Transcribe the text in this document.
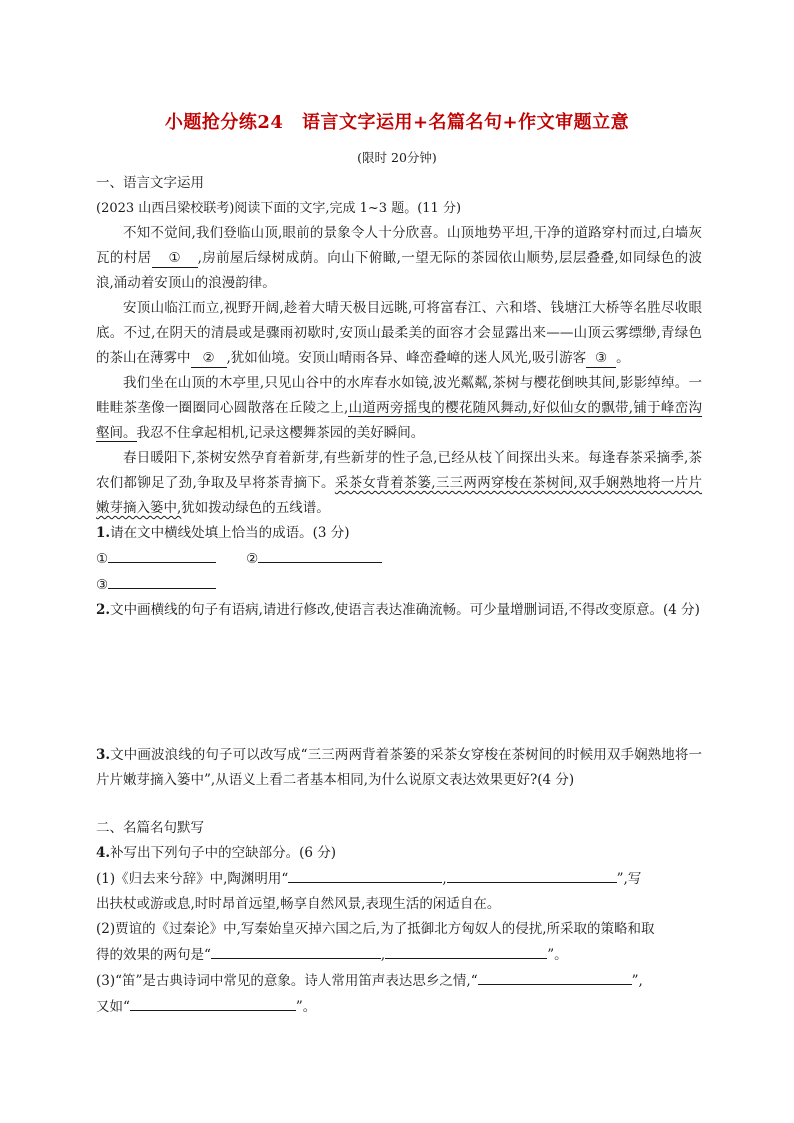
小题抢分练24　语言文字运用+名篇名句+作文审题立意
(限时 20分钟)

一、语言文字运用

(2023 山西吕梁校联考)阅读下面的文字,完成 1~3 题。(11 分)

不知不觉间,我们登临山顶,眼前的景象令人十分欣喜。山顶地势平坦,干净的道路穿村而过,白墙灰瓦的村居 ① ,房前屋后绿树成荫。向山下俯瞰,一望无际的茶园依山顺势,层层叠叠,如同绿色的波浪,涌动着安顶山的浪漫韵律。

安顶山临江而立,视野开阔,趁着大晴天极目远眺,可将富春江、六和塔、钱塘江大桥等名胜尽收眼底。不过,在阴天的清晨或是骤雨初歇时,安顶山最柔美的面容才会显露出来——山顶云雾缥缈,青绿色的茶山在薄雾中 ② ,犹如仙境。安顶山晴雨各异、峰峦叠嶂的迷人风光,吸引游客 ③ 。

我们坐在山顶的木亭里,只见山谷中的水库春水如镜,波光粼粼,茶树与樱花倒映其间,影影绰绰。一畦畦茶垄像一圈圈同心圆散落在丘陵之上,山道两旁摇曳的樱花随风舞动,好似仙女的飘带,铺于峰峦沟壑间。我忍不住拿起相机,记录这樱舞茶园的美好瞬间。

春日暖阳下,茶树安然孕育着新芽,有些新芽的性子急,已经从枝丫间探出头来。每逢春茶采摘季,茶农们都铆足了劲,争取及早将茶青摘下。采茶女背着茶篓,三三两两穿梭在茶树间,双手娴熟地将一片片嫩芽摘入篓中,犹如拨动绿色的五线谱。

1.请在文中横线处填上恰当的成语。(3 分)

①	②

③

2.文中画横线的句子有语病,请进行修改,使语言表达准确流畅。可少量增删词语,不得改变原意。(4 分)

3.文中画波浪线的句子可以改写成“三三两两背着茶篓的采茶女穿梭在茶树间的时候用双手娴熟地将一片片嫩芽摘入篓中”,从语义上看二者基本相同,为什么说原文表达效果更好?(4 分)

二、名篇名句默写

4.补写出下列句子中的空缺部分。(6 分)

(1)《归去来兮辞》中,陶渊明用“	,	”,写

出扶杖或游或息,时时昂首远望,畅享自然风景,表现生活的闲适自在。

(2)贾谊的《过秦论》中,写秦始皇灭掉六国之后,为了抵御北方匈奴人的侵扰,所采取的策略和取

得的效果的两句是“	,	”。

(3)“笛”是古典诗词中常见的意象。诗人常用笛声表达思乡之情,“	”,

又如“	”。
